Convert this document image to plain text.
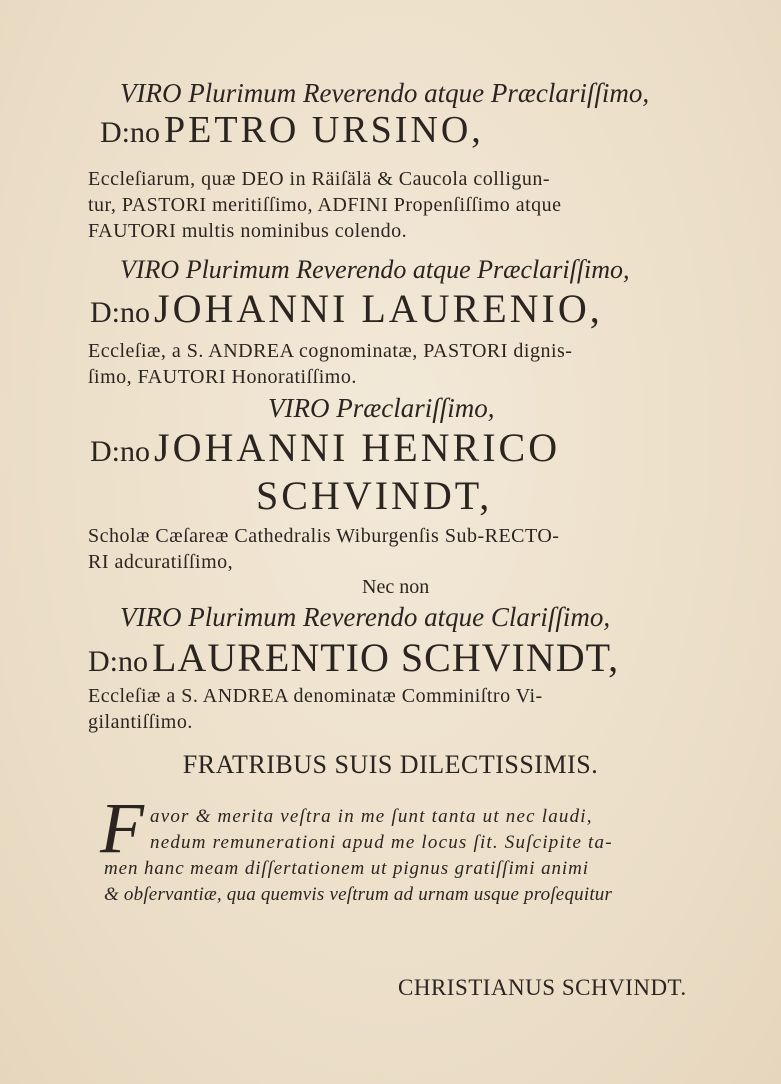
VIRO Plurimum Reverendo atque Præclariſſimo,
D:no PETRO URSINO,
Eccleſiarum, quæ DEO in Räiſälä & Caucola colligun-
tur, PASTORI meritiſſimo, ADFINI Propenſiſſimo atque
FAUTORI multis nominibus colendo.
VIRO Plurimum Reverendo atque Præclariſſimo,
D:no JOHANNI LAURENIO,
Eccleſiæ, a S. ANDREA cognominatæ, PASTORI dignis-
ſimo, FAUTORI Honoratiſſimo.
VIRO Præclariſſimo,
D:no JOHANNI HENRICO
SCHVINDT,
Scholæ Cæſareæ Cathedralis Wiburgenſis Sub-RECTO-
RI adcuratiſſimo,
Nec non
VIRO Plurimum Reverendo atque Clariſſimo,
D:no LAURENTIO SCHVINDT,
Eccleſiæ a S. ANDREA denominatæ Comminiſtro Vi-
gilantiſſimo.
FRATRIBUS SUIS DILECTISSIMIS.
F avor & merita veſtra in me ſunt tanta ut nec laudi,
nedum remunerationi apud me locus ſit. Suſcipite ta-
men hanc meam diſſertationem ut pignus gratiſſimi animi
& obſervantiæ, qua quemvis veſtrum ad urnam usque proſequitur
CHRISTIANUS SCHVINDT.
